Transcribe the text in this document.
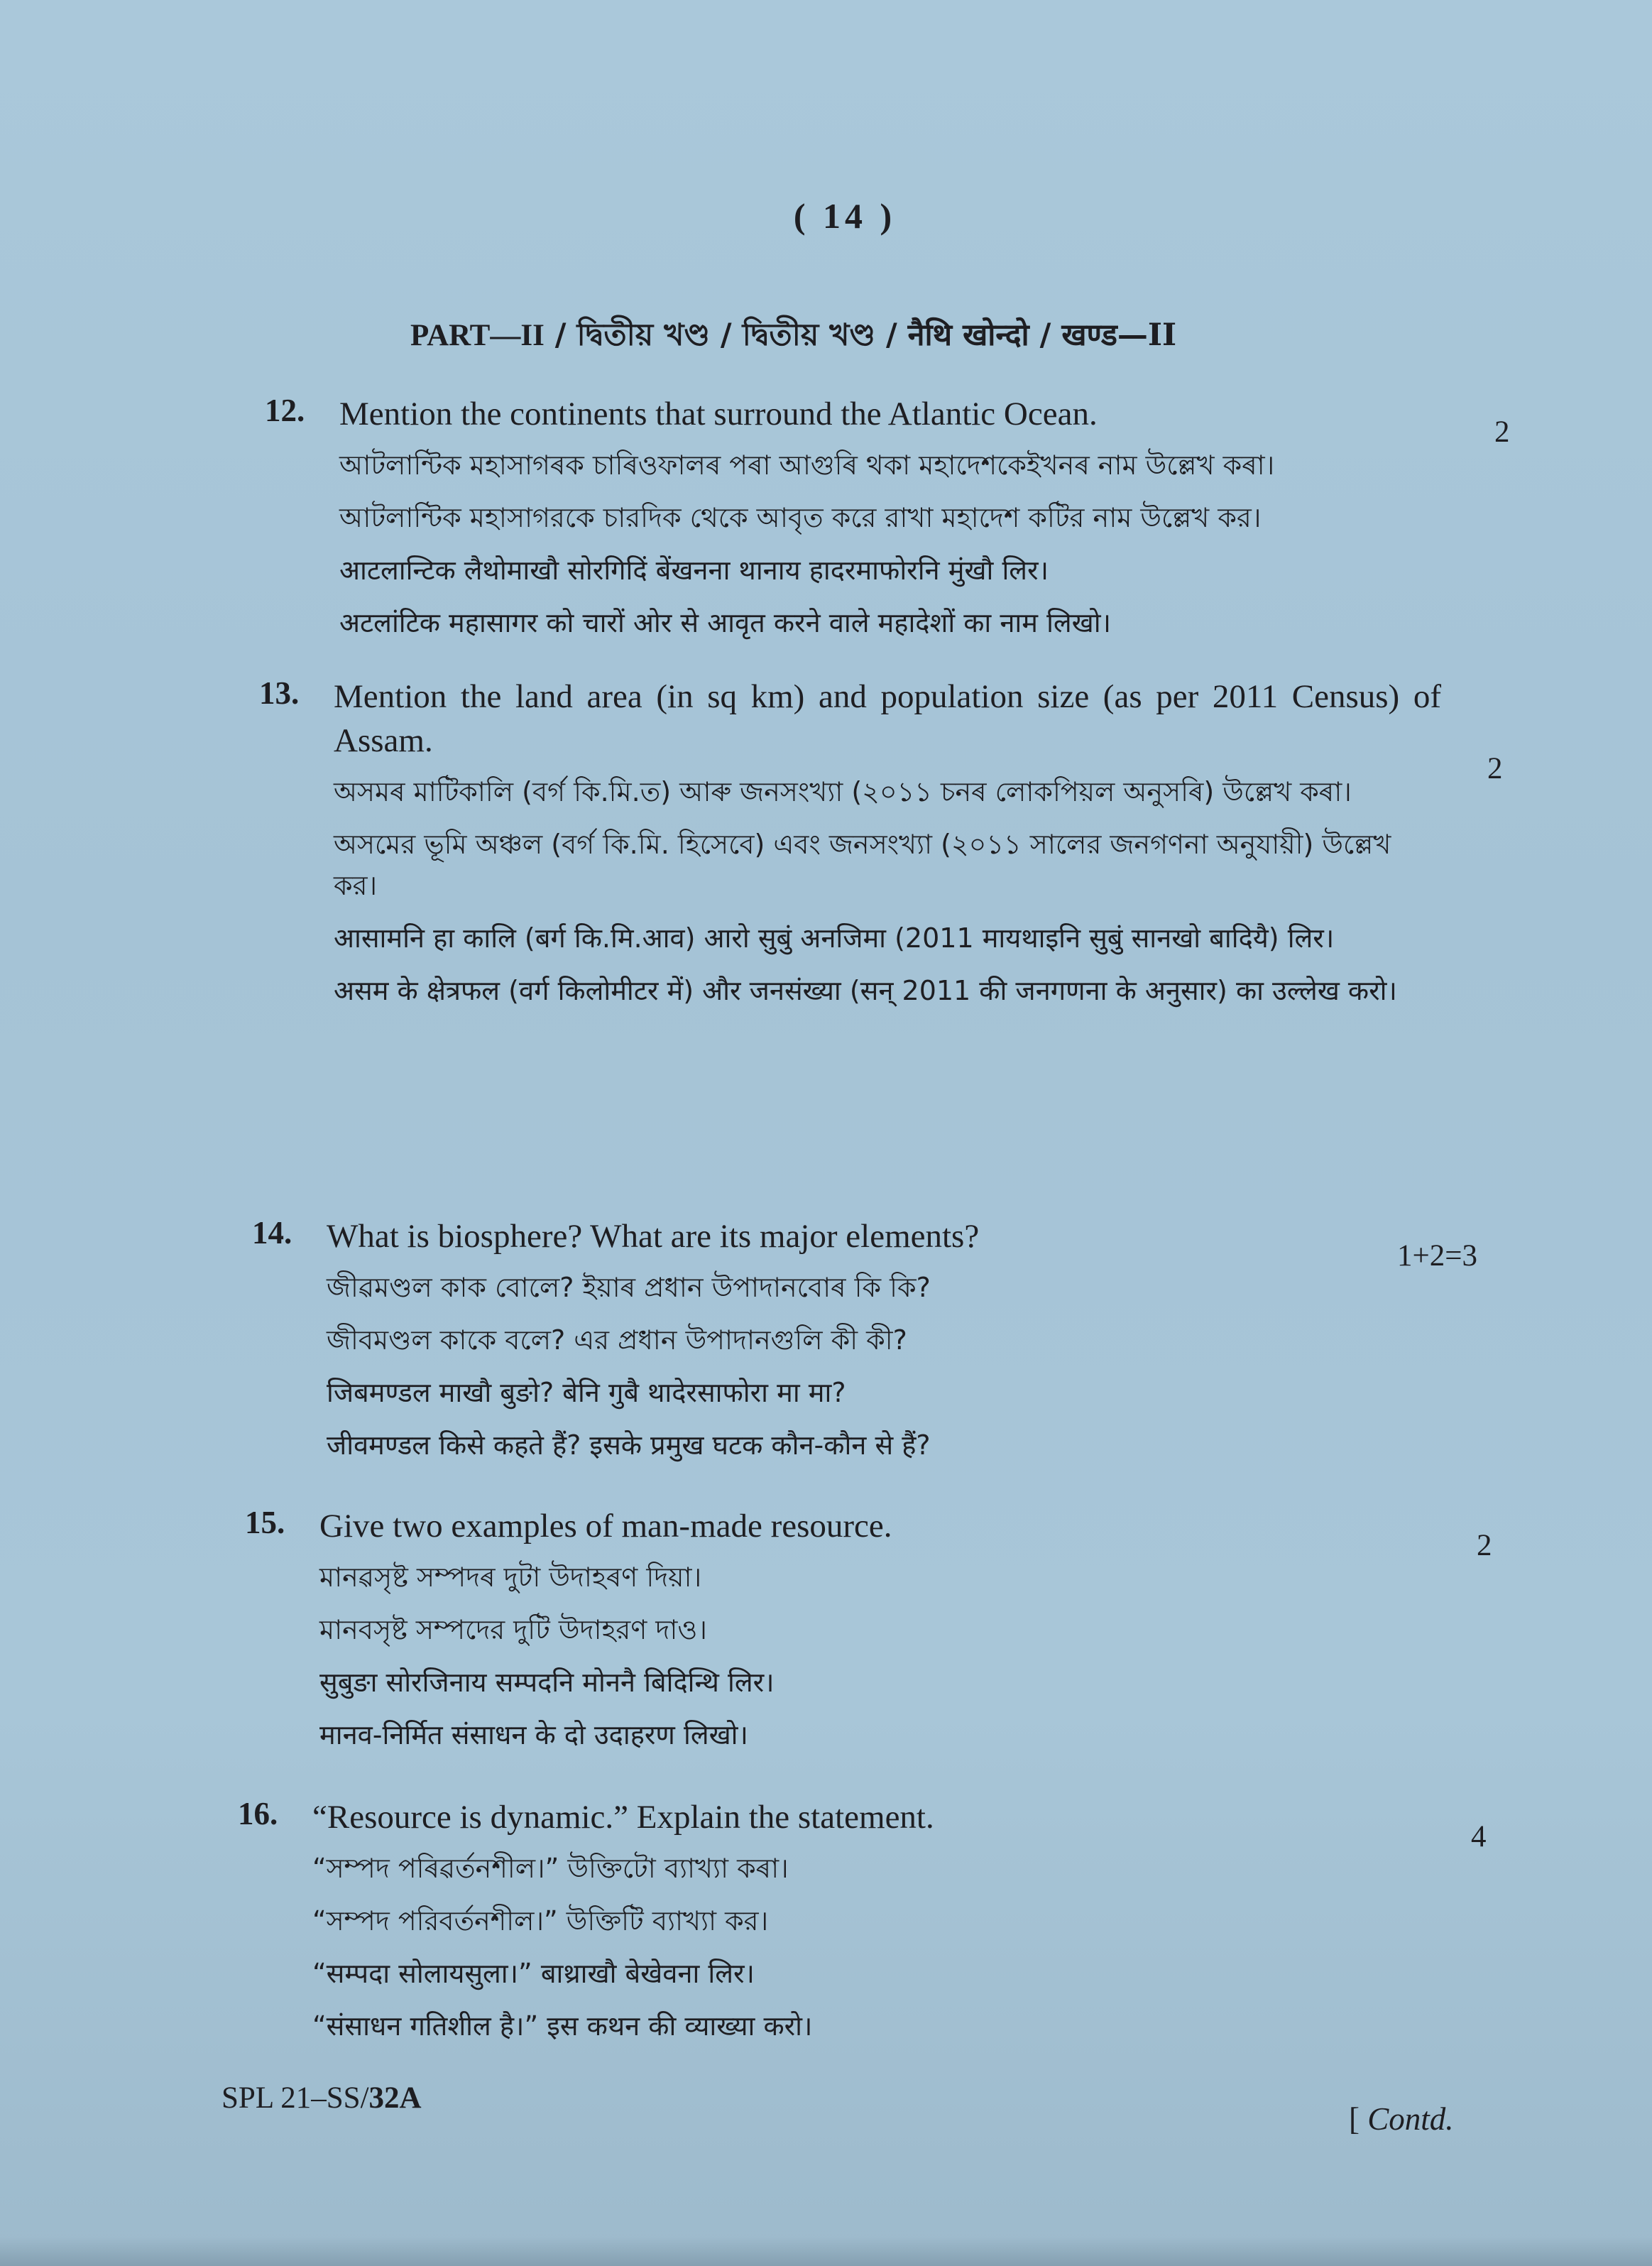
( 14 )
PART—II / দ্বিতীয় খণ্ড / দ্বিতীয় খণ্ড / नैथि खोन्दो / खण्ड—II
12. Mention the continents that surround the Atlantic Ocean.

আটলান্টিক মহাসাগৰক চাৰিওফালৰ পৰা আগুৰি থকা মহাদেশকেইখনৰ নাম উল্লেখ কৰা।

আটলান্টিক মহাসাগরকে চারদিক থেকে আবৃত করে রাখা মহাদেশ কটির নাম উল্লেখ কর।

आटलान्टिक लैथोमाखौ सोरगिदिं बेंखनना थानाय हादरमाफोरनि मुंखौ लिर।

अटलांटिक महासागर को चारों ओर से आवृत करने वाले महादेशों का नाम लिखो।

2
13. Mention the land area (in sq km) and population size (as per 2011 Census) of Assam.

অসমৰ মাটিকালি (বৰ্গ কি.মি.ত) আৰু জনসংখ্যা (২০১১ চনৰ লোকপিয়ল অনুসৰি) উল্লেখ কৰা।

অসমের ভূমি অঞ্চল (বর্গ কি.মি. হিসেবে) এবং জনসংখ্যা (২০১১ সালের জনগণনা অনুযায়ী) উল্লেখ কর।

आसामनि हा कालि (बर्ग कि.मि.आव) आरो सुबुं अनजिमा (2011 मायथाइनि सुबुं सानखो बादियै) लिर।

असम के क्षेत्रफल (वर्ग किलोमीटर में) और जनसंख्या (सन् 2011 की जनगणना के अनुसार) का उल्लेख करो।

2
14. What is biosphere? What are its major elements?

জীৱমণ্ডল কাক বোলে? ইয়াৰ প্ৰধান উপাদানবোৰ কি কি?

জীবমণ্ডল কাকে বলে? এর প্রধান উপাদানগুলি কী কী?

जिबमण्डल माखौ बुङो? बेनि गुबै थादेरसाफोरा मा मा?

जीवमण्डल किसे कहते हैं? इसके प्रमुख घटक कौन-कौन से हैं?

1+2=3
15. Give two examples of man-made resource.

মানৱসৃষ্ট সম্পদৰ দুটা উদাহৰণ দিয়া।

মানবসৃষ্ট সম্পদের দুটি উদাহরণ দাও।

सुबुङा सोरजिनाय सम्पदनि मोननै बिदिन्थि लिर।

मानव-निर्मित संसाधन के दो उदाहरण लिखो।

2
16. “Resource is dynamic.” Explain the statement.

“সম্পদ পৰিৱৰ্তনশীল।” উক্তিটো ব্যাখ্যা কৰা।

“সম্পদ পরিবর্তনশীল।” উক্তিটি ব্যাখ্যা কর।

“सम्पदा सोलायसुला।” बाथ्राखौ बेखेवना लिर।

“संसाधन गतिशील है।” इस कथन की व्याख्या करो।

4
SPL 21–SS/32A
[ Contd.
